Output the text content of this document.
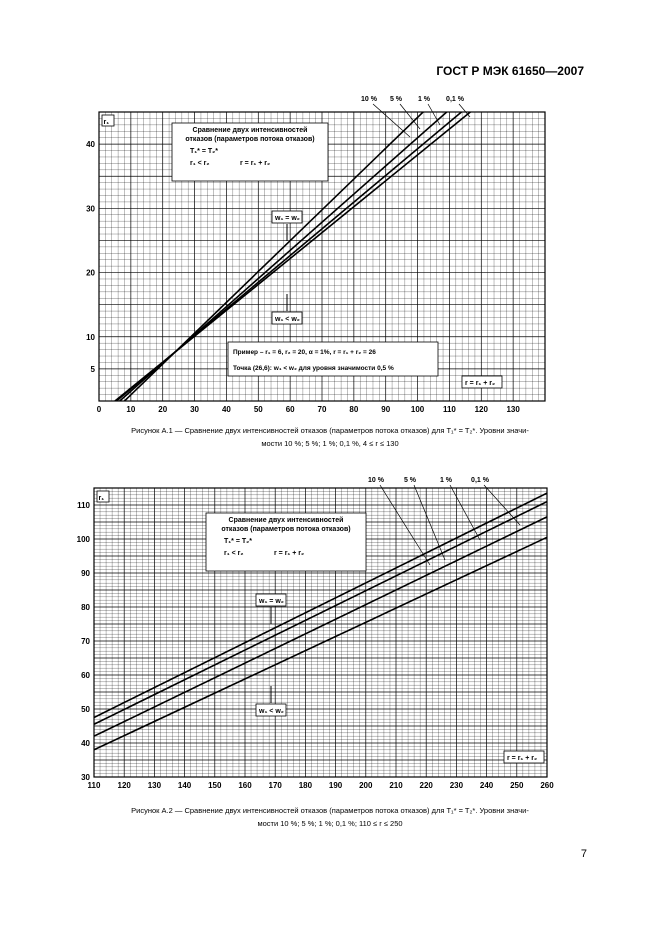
ГОСТ Р МЭК 61650—2007
0	10	20	30	40	50	60	70	80	90	100 110 120 130
5
10
20
30
40
r₁
r = r₁ + r₂
Сравнение двух интенсивностей
отказов (параметров потока отказов)
T₁* = T₂*
r₁ < r₂	r = r₁ + r₂
w₁ = w₂
w₁ < w₂
10 % 5 % 1 % 0,1 %
Пример – r₁ = 6, r₂ = 20, α = 1%, r = r₁ + r₂ = 26
Точка (26,6): w₁ < w₂ для уровня значимости 0,5 %
Рисунок А.1 — Сравнение двух интенсивностей отказов (параметров потока отказов) для T₁* = T₂*. Уровни значи-
мости 10 %; 5 %; 1 %; 0,1 %, 4 ≤ r ≤ 130
110 120 130 140 150 160 170 180 190 200 210 220 230 240 250 260
30
40
50
60
70
80
90
100
110
r₁
r = r₁ + r₂
Сравнение двух интенсивностей
отказов (параметров потока отказов)
T₁* = T₂*
r₁ < r₂	r = r₁ + r₂
w₁ = w₂
w₁ < w₂
10 %	5 %	1 %	0,1 %
Рисунок А.2 — Сравнение двух интенсивностей отказов (параметров потока отказов) для T₁* = T₂*. Уровни значи-
мости 10 %; 5 %; 1 %; 0,1 %; 110 ≤ r ≤ 250
7
